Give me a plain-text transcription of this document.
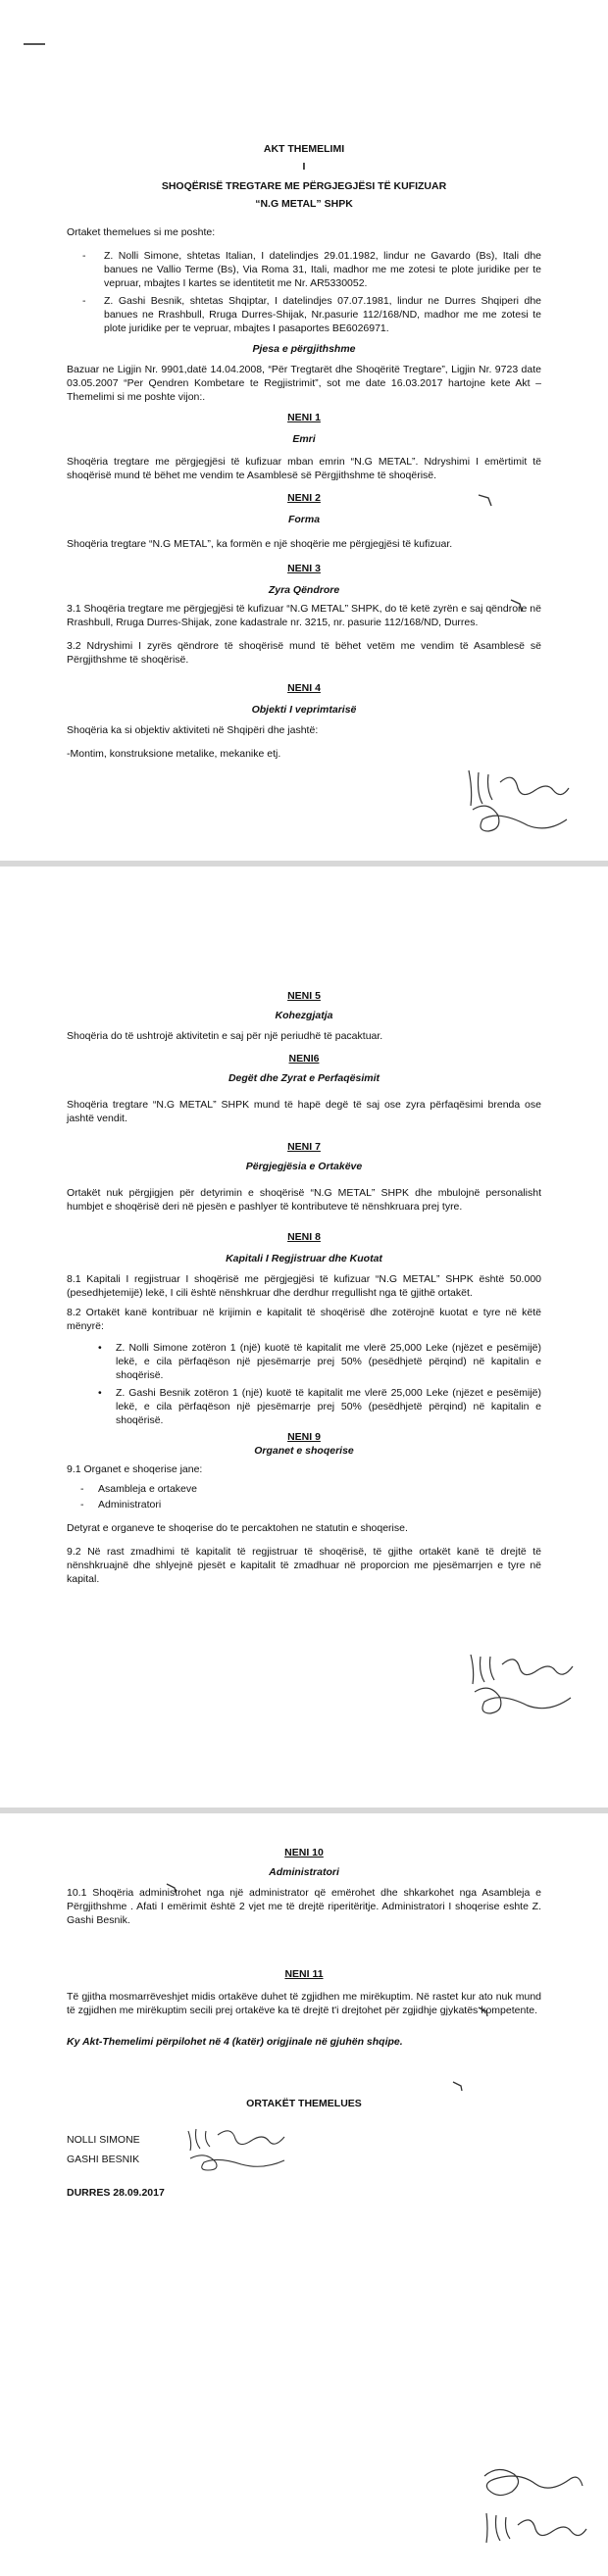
AKT THEMELIMI
I
SHOQËRISË TREGTARE ME PËRGJEGJËSI TË KUFIZUAR
“N.G METAL” SHPK
Ortaket themelues si me poshte:
- Z. Nolli Simone, shtetas Italian, I datelindjes 29.01.1982, lindur ne Gavardo (Bs), Itali dhe banues ne Vallio Terme (Bs), Via Roma 31, Itali, madhor me me zotesi te plote juridike per te vepruar, mbajtes I kartes se identitetit me Nr. AR5330052.
- Z. Gashi Besnik, shtetas Shqiptar, I datelindjes 07.07.1981, lindur ne Durres Shqiperi dhe banues ne Rrashbull, Rruga Durres-Shijak, Nr.pasurie 112/168/ND, madhor me me zotesi te plote juridike per te vepruar, mbajtes I pasaportes BE6026971.
Pjesa e përgjithshme
Bazuar ne Ligjin Nr. 9901,datë 14.04.2008, “Për Tregtarët dhe Shoqëritë Tregtare”, Ligjin Nr. 9723 date 03.05.2007 “Per Qendren Kombetare te Regjistrimit”, sot me date 16.03.2017 hartojne kete Akt – Themelimi si me poshte vijon:.
NENI 1
Emri
Shoqëria tregtare me përgjegjësi të kufizuar mban emrin “N.G METAL”. Ndryshimi I emërtimit të shoqërisë mund të bëhet me vendim te Asamblesë së Përgjithshme të shoqërisë.
NENI 2
Forma
Shoqëria tregtare “N.G METAL”, ka formën e një shoqërie me përgjegjësi të kufizuar.
NENI 3
Zyra Qëndrore
3.1 Shoqëria tregtare me përgjegjësi të kufizuar “N.G METAL” SHPK, do të ketë zyrën e saj qëndrore në Rrashbull, Rruga Durres-Shijak, zone kadastrale nr. 3215, nr. pasurie 112/168/ND, Durres.
3.2 Ndryshimi I zyrës qëndrore të shoqërisë mund të bëhet vetëm me vendim të Asamblesë së Përgjithshme të shoqërisë.
NENI 4
Objekti I veprimtarisë
Shoqëria ka si objektiv aktiviteti në Shqipëri dhe jashtë:
-Montim, konstruksione metalike, mekanike etj.
NENI 5
Kohezgjatja
Shoqëria do të ushtrojë aktivitetin e saj për një periudhë të pacaktuar.
NENI6
Degët dhe Zyrat e Perfaqësimit
Shoqëria tregtare “N.G METAL” SHPK mund të hapë degë të saj ose zyra përfaqësimi brenda ose jashtë vendit.
NENI 7
Përgjegjësia e Ortakëve
Ortakët nuk përgjigjen për detyrimin e shoqërisë “N.G METAL” SHPK dhe mbulojnë personalisht humbjet e shoqërisë deri në pjesën e pashlyer të kontributeve të nënshkruara prej tyre.
NENI 8
Kapitali I Regjistruar dhe Kuotat
8.1 Kapitali I regjistruar I shoqërisë me përgjegjësi të kufizuar “N.G METAL” SHPK është 50.000 (pesedhjetemijë) lekë, I cili është nënshkruar dhe derdhur rregullisht nga të gjithë ortakët.
8.2 Ortakët kanë kontribuar në krijimin e kapitalit të shoqërisë dhe zotërojnë kuotat e tyre në këtë mënyrë:
• Z. Nolli Simone zotëron 1 (një) kuotë të kapitalit me vlerë 25,000 Leke (njëzet e pesëmijë) lekë, e cila përfaqëson një pjesëmarrje prej 50% (pesëdhjetë përqind) në kapitalin e shoqërisë.
• Z. Gashi Besnik zotëron 1 (një) kuotë të kapitalit me vlerë 25,000 Leke (njëzet e pesëmijë) lekë, e cila përfaqëson një pjesëmarrje prej 50% (pesëdhjetë përqind) në kapitalin e shoqërisë.
NENI 9
Organet e shoqerise
9.1 Organet e shoqerise jane:
- Asambleja e ortakeve
- Administratori
Detyrat e organeve te shoqerise do te percaktohen ne statutin e shoqerise.
9.2 Në rast zmadhimi të kapitalit të regjistruar të shoqërisë, të gjithe ortakët kanë të drejtë të nënshkruajnë dhe shlyejnë pjesët e kapitalit të zmadhuar në proporcion me pjesëmarrjen e tyre në kapital.
NENI 10
Administratori
10.1 Shoqëria administrohet nga një administrator që emërohet dhe shkarkohet nga Asambleja e Përgjithshme . Afati I emërimit është 2 vjet me të drejtë riperitëritje. Administratori I shoqerise eshte Z. Gashi Besnik.
NENI 11
Të gjitha mosmarrëveshjet midis ortakëve duhet të zgjidhen me mirëkuptim. Në rastet kur ato nuk mund të zgjidhen me mirëkuptim secili prej ortakëve ka të drejtë t'i drejtohet për zgjidhje gjykatës kompetente.
Ky Akt-Themelimi përpilohet në 4 (katër) origjinale në gjuhën shqipe.
ORTAKËT THEMELUES
NOLLI SIMONE
GASHI BESNIK
DURRES 28.09.2017
